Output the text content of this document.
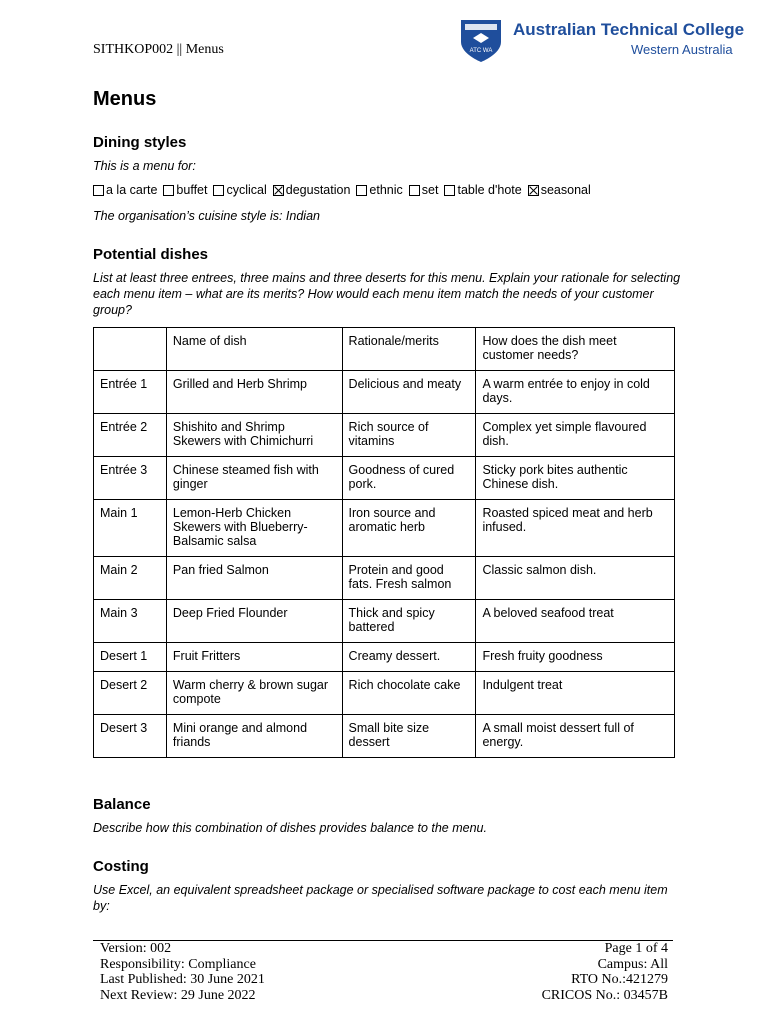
SITHKOP002 || Menus	ATC WA
Australian Technical College
Western Australia
Menus
Dining styles
This is a menu for:
a la carte buffet cyclical degustation ethnic set table d'hote seasonal
The organisation’s cuisine style is: Indian
Potential dishes
List at least three entrees, three mains and three deserts for this menu. Explain your rationale for selecting each menu item – what are its merits? How would each menu item match the needs of your customer group?
	Name of dish	Rationale/merits	How does the dish meet customer needs?
Entrée 1	Grilled and Herb Shrimp	Delicious and meaty	A warm entrée to enjoy in cold days.
Entrée 2	Shishito and Shrimp Skewers with Chimichurri	Rich source of vitamins	Complex yet simple flavoured dish.
Entrée 3	Chinese steamed fish with ginger	Goodness of cured pork.	Sticky pork bites authentic Chinese dish.
Main 1	Lemon-Herb Chicken Skewers with Blueberry-Balsamic salsa	Iron source and aromatic herb	Roasted spiced meat and herb infused.
Main 2	Pan fried Salmon	Protein and good fats. Fresh salmon	Classic salmon dish.
Main 3	Deep Fried Flounder	Thick and spicy battered	A beloved seafood treat
Desert 1	Fruit Fritters	Creamy dessert.	Fresh fruity goodness
Desert 2	Warm cherry & brown sugar compote	Rich chocolate cake	Indulgent treat
Desert 3	Mini orange and almond friands	Small bite size dessert	A small moist dessert full of energy.
Balance
Describe how this combination of dishes provides balance to the menu.
Costing
Use Excel, an equivalent spreadsheet package or specialised software package to cost each menu item by:
Version: 002
Responsibility: Compliance
Last Published: 30 June 2021
Next Review: 29 June 2022
Page 1 of 4
Campus: All
RTO No.:421279
CRICOS No.: 03457B
